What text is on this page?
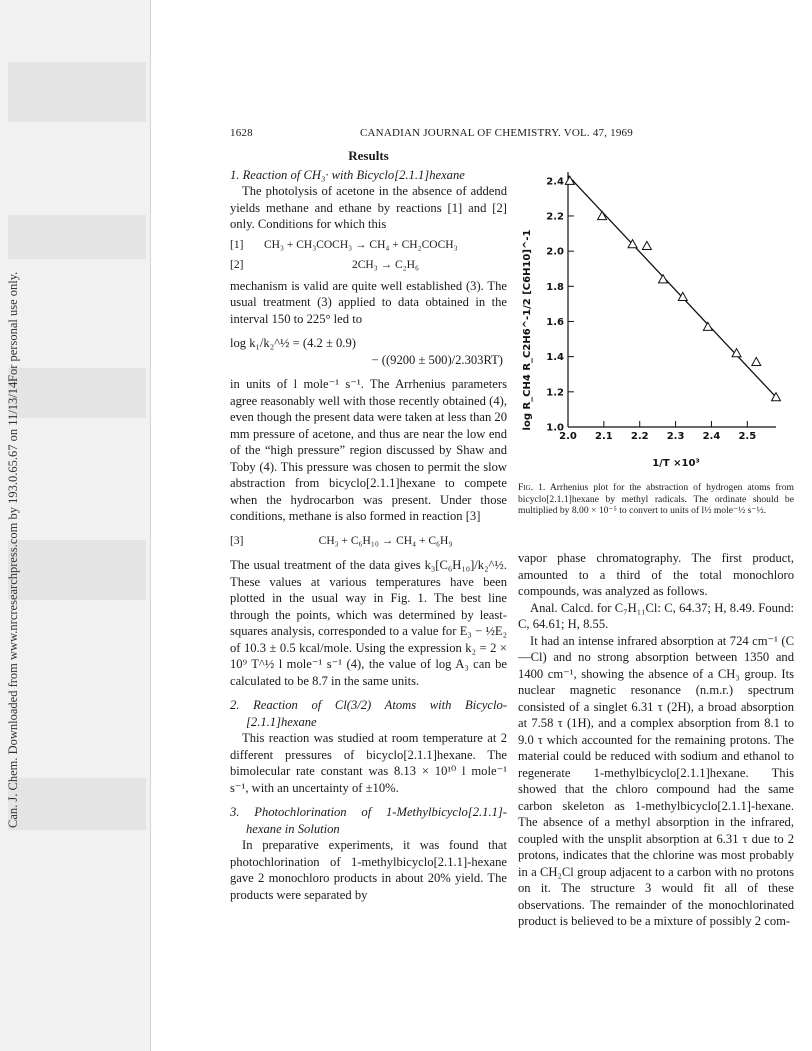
Can. J. Chem. Downloaded from www.nrcresearchpress.com by 193.0.65.67 on 11/13/14
For personal use only.
1628	CANADIAN JOURNAL OF CHEMISTRY. VOL. 47, 1969
Results

1. Reaction of CH₃· with Bicyclo[2.1.1]hexane

The photolysis of acetone in the absence of addend yields methane and ethane by reactions [1] and [2] only. Conditions for which this

[1]	CH₃ + CH₃COCH₃ → CH₄ + CH₂COCH₃
[2]	2CH₃ → C₂H₆

mechanism is valid are quite well established (3). The usual treatment (3) applied to data obtained in the interval 150 to 225° led to

log k₁/k₂^½ = (4.2 ± 0.9)

− ((9200 ± 500)/2.303RT)

in units of l mole⁻¹ s⁻¹. The Arrhenius parameters agree reasonably well with those recently obtained (4), even though the present data were taken at less than 20 mm pressure of acetone, and thus are near the low end of the “high pressure” region discussed by Shaw and Toby (4). This pressure was chosen to permit the slow abstraction from bicyclo[2.1.1]hexane to compete when the hydrocarbon was present. Under those conditions, methane is also formed in reaction [3]

[3]	CH₃ + C₆H₁₀ → CH₄ + C₆H₉

The usual treatment of the data gives k₃[C₆H₁₀]/k₂^½. These values at various temperatures have been plotted in the usual way in Fig. 1. The best line through the points, which was determined by least-squares analysis, corresponded to a value for E₃ − ½E₂ of 10.3 ± 0.5 kcal/mole. Using the expression k₂ = 2 × 10⁹ T^½ l mole⁻¹ s⁻¹ (4), the value of log A₃ can be calculated to be 8.7 in the same units.

2. Reaction of Cl(3/2) Atoms with Bicyclo-[2.1.1]hexane

This reaction was studied at room temperature at 2 different pressures of bicyclo[2.1.1]hexane. The bimolecular rate constant was 8.13 × 10¹⁰ l mole⁻¹ s⁻¹, with an uncertainty of ±10%.

3. Photochlorination of 1-Methylbicyclo[2.1.1]-hexane in Solution

In preparative experiments, it was found that photochlorination of 1-methylbicyclo[2.1.1]-hexane gave 2 monochloro products in about 20% yield. The products were separated by

1.0
1.2
1.4
1.6
1.8
2.0
2.2
2.4
2.0 2.1 2.2 2.3 2.4 2.5
log R_CH4 R_C2H6^-1/2 [C6H10]^-1
1/T ×10³
Fig. 1. Arrhenius plot for the abstraction of hydrogen atoms from bicyclo[2.1.1]hexane by methyl radicals. The ordinate should be multiplied by 8.00 × 10⁻⁵ to convert to units of l½ mole⁻½ s⁻½.

vapor phase chromatography. The first product, amounted to a third of the total monochloro compounds, was analyzed as follows.

Anal. Calcd. for C₇H₁₁Cl: C, 64.37; H, 8.49. Found: C, 64.61; H, 8.55.

It had an intense infrared absorption at 724 cm⁻¹ (C—Cl) and no strong absorption between 1350 and 1400 cm⁻¹, showing the absence of a CH₃ group. Its nuclear magnetic resonance (n.m.r.) spectrum consisted of a singlet 6.31 τ (2H), a broad absorption at 7.58 τ (1H), and a complex absorption from 8.1 to 9.0 τ which accounted for the remaining protons. The material could be reduced with sodium and ethanol to regenerate 1-methylbicyclo[2.1.1]hexane. This showed that the chloro compound had the same carbon skeleton as 1-methylbicyclo[2.1.1]-hexane. The absence of a methyl absorption in the infrared, coupled with the unsplit absorption at 6.31 τ due to 2 protons, indicates that the chlorine was most probably in a CH₂Cl group adjacent to a carbon with no protons on it. The structure 3 would fit all of these observations. The remainder of the monochlorinated product is believed to be a mixture of possibly 2 com-
